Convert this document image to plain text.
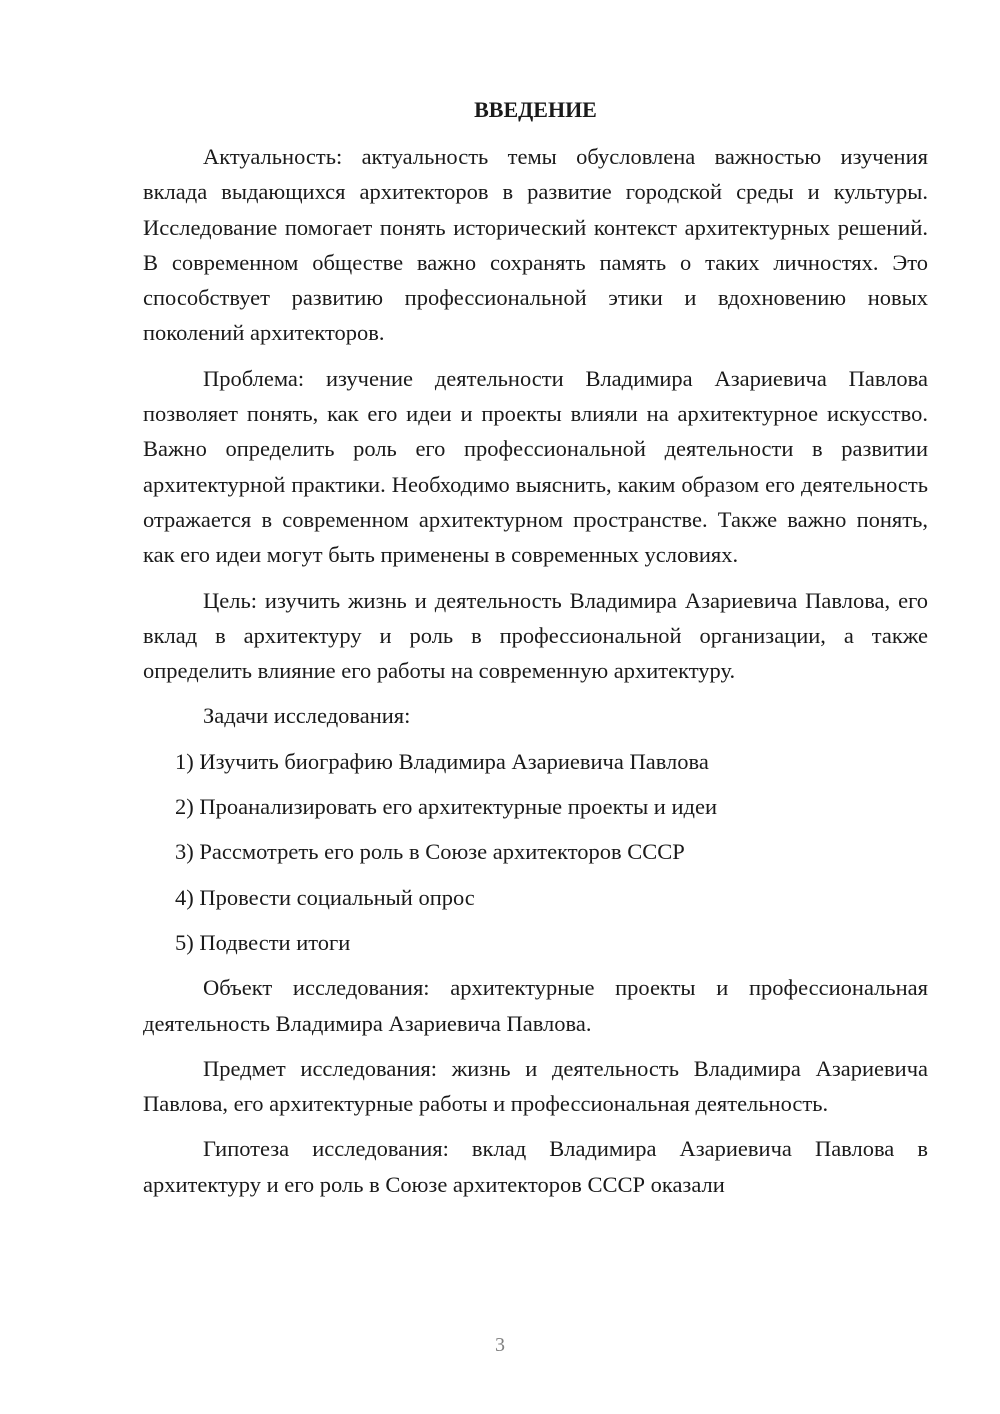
ВВЕДЕНИЕ

Актуальность: актуальность темы обусловлена важностью изучения вклада выдающихся архитекторов в развитие городской среды и культуры. Исследование помогает понять исторический контекст архитектурных решений. В современном обществе важно сохранять память о таких личностях. Это способствует развитию профессиональной этики и вдохновению новых поколений архитекторов.

Проблема: изучение деятельности Владимира Азариевича Павлова позволяет понять, как его идеи и проекты влияли на архитектурное искусство. Важно определить роль его профессиональной деятельности в развитии архитектурной практики. Необходимо выяснить, каким образом его деятельность отражается в современном архитектурном пространстве. Также важно понять, как его идеи могут быть применены в современных условиях.

Цель: изучить жизнь и деятельность Владимира Азариевича Павлова, его вклад в архитектуру и роль в профессиональной организации, а также определить влияние его работы на современную архитектуру.

Задачи исследования:

1) Изучить биографию Владимира Азариевича Павлова

2) Проанализировать его архитектурные проекты и идеи

3) Рассмотреть его роль в Союзе архитекторов СССР

4) Провести социальный опрос

5) Подвести итоги

Объект исследования: архитектурные проекты и профессиональная деятельность Владимира Азариевича Павлова.

Предмет исследования: жизнь и деятельность Владимира Азариевича Павлова, его архитектурные работы и профессиональная деятельность.

Гипотеза исследования: вклад Владимира Азариевича Павлова в архитектуру и его роль в Союзе архитекторов СССР оказали

3
